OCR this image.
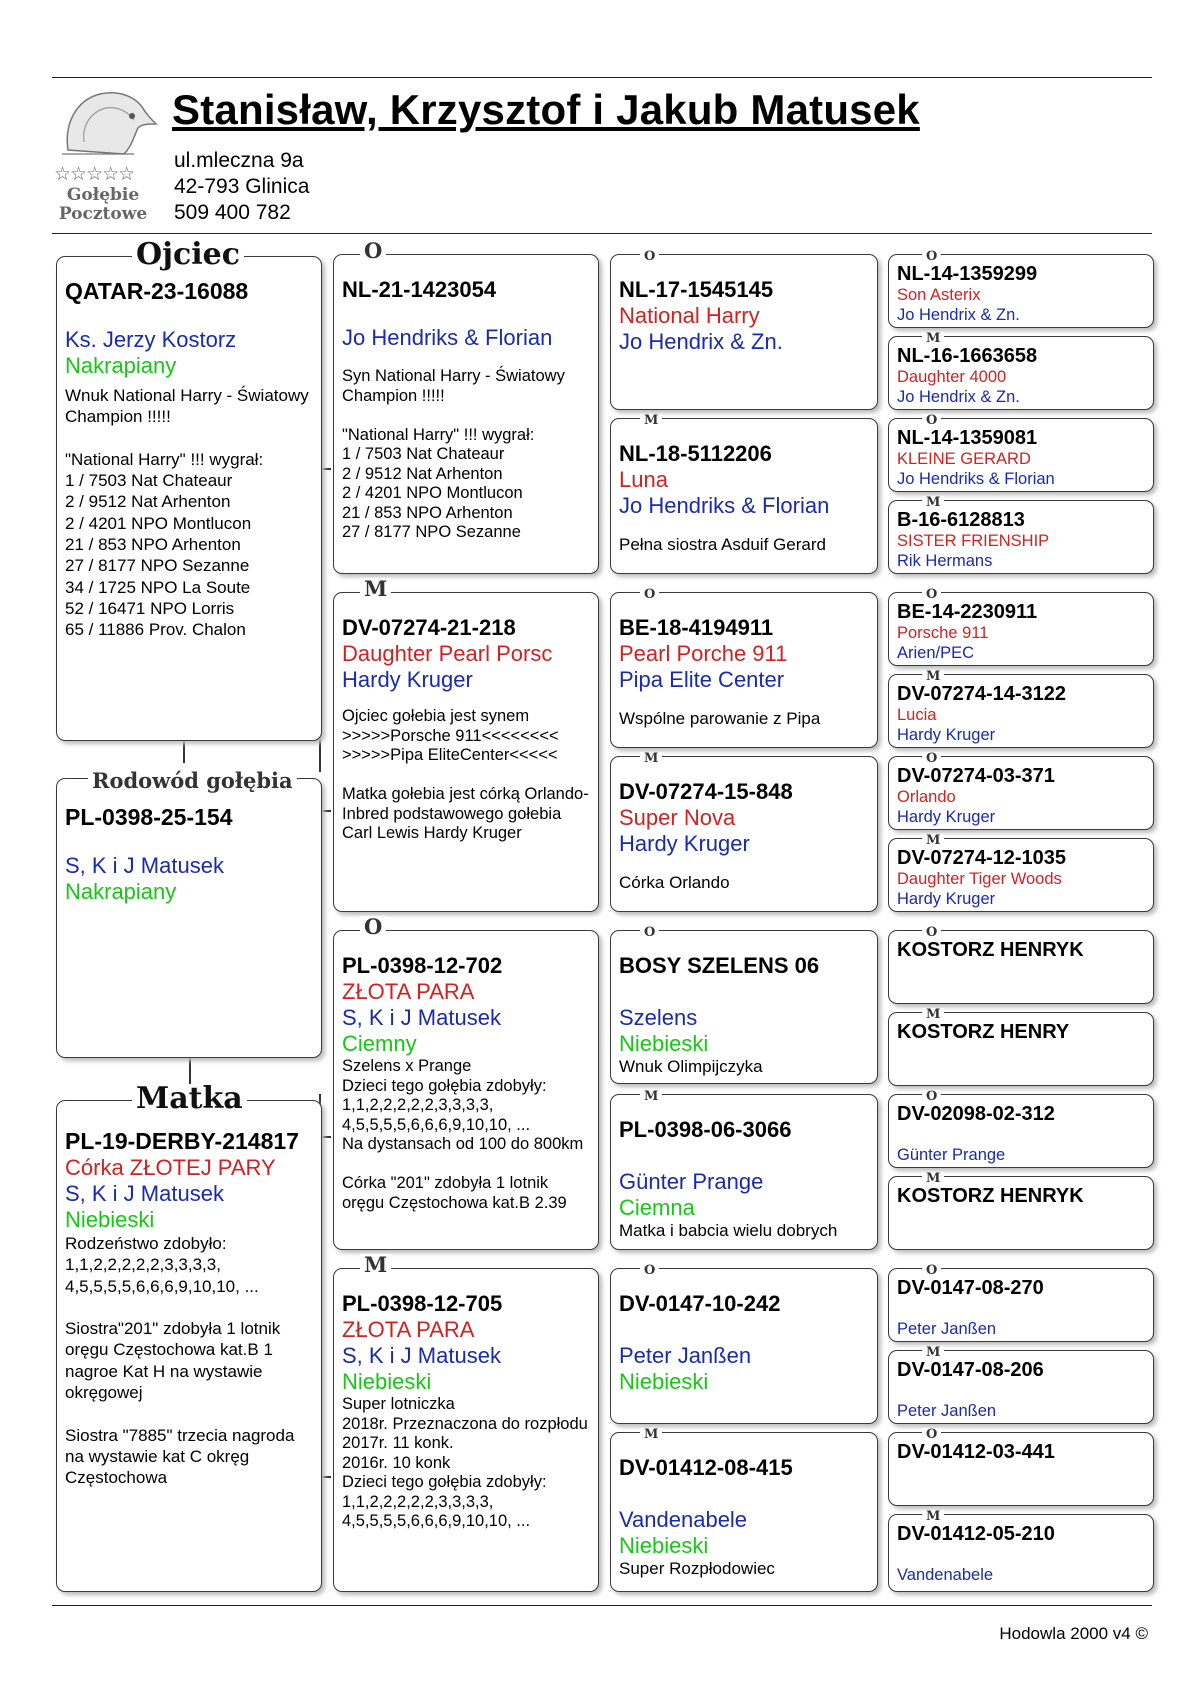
☆☆☆☆☆
Gołębie
Pocztowe
Stanisław, Krzysztof i Jakub Matusek
ul.mleczna 9a
42-793 Glinica
509 400 782
QATAR-23-16088
Ks. Jerzy Kostorz
Nakrapiany
Wnuk National Harry - Światowy Champion !!!!!

"National Harry" !!! wygrał:
1 / 7503 Nat Chateaur
2 / 9512 Nat Arhenton
2 / 4201 NPO Montlucon
21 / 853 NPO Arhenton
27 / 8177 NPO Sezanne
34 / 1725 NPO La Soute
52 / 16471 NPO Lorris
65 / 11886 Prov. Chalon
Ojciec
PL-0398-25-154
S, K i J Matusek
Nakrapiany
Rodowód gołębia
PL-19-DERBY-214817
Córka ZŁOTEJ PARY
S, K i J Matusek
Niebieski
Rodzeństwo zdobyło:
1,1,2,2,2,2,2,3,3,3,3,
4,5,5,5,5,6,6,6,9,10,10, ...

Siostra"201" zdobyła 1 lotnik oręgu Częstochowa kat.B 1 nagroe Kat H na wystawie okręgowej

Siostra "7885" trzecia nagroda na wystawie kat C okręg Częstochowa
Matka
NL-21-1423054
Jo Hendriks & Florian
Syn National Harry - Światowy Champion !!!!!

"National Harry" !!! wygrał:
1 / 7503 Nat Chateaur
2 / 9512 Nat Arhenton
2 / 4201 NPO Montlucon
21 / 853 NPO Arhenton
27 / 8177 NPO Sezanne
O
DV-07274-21-218
Daughter Pearl Porsc
Hardy Kruger
Ojciec gołebia jest synem
>>>>>Porsche 911<<<<<<<<
>>>>>Pipa EliteCenter<<<<<

Matka gołebia jest córką Orlando-Inbred podstawowego gołebia Carl Lewis Hardy Kruger
M
PL-0398-12-702
ZŁOTA PARA
S, K i J Matusek
Ciemny
Szelens x Prange
Dzieci tego gołębia zdobyły:
1,1,2,2,2,2,2,3,3,3,3,
4,5,5,5,5,6,6,6,9,10,10, ...
Na dystansach od 100 do 800km

Córka "201" zdobyła 1 lotnik oręgu Częstochowa kat.B 2.39
O
PL-0398-12-705
ZŁOTA PARA
S, K i J Matusek
Niebieski
Super lotniczka
2018r. Przeznaczona do rozpłodu
2017r. 11 konk.
2016r. 10 konk
Dzieci tego gołębia zdobyły:
1,1,2,2,2,2,2,3,3,3,3,
4,5,5,5,5,6,6,6,9,10,10, ...
M
NL-17-1545145
National Harry
Jo Hendrix & Zn.
O
NL-18-5112206
Luna
Jo Hendriks & Florian
Pełna siostra Asduif Gerard
M
BE-18-4194911
Pearl Porche 911
Pipa Elite Center
Wspólne parowanie z Pipa
O
DV-07274-15-848
Super Nova
Hardy Kruger
Córka Orlando
M
BOSY SZELENS 06
Szelens
Niebieski
Wnuk Olimpijczyka
O
PL-0398-06-3066
Günter Prange
Ciemna
Matka i babcia wielu dobrych
M
DV-0147-10-242
Peter Janßen
Niebieski
O
DV-01412-08-415
Vandenabele
Niebieski
Super Rozpłodowiec
M
NL-14-1359299
Son Asterix
Jo Hendrix & Zn.
O
NL-16-1663658
Daughter 4000
Jo Hendrix & Zn.
M
NL-14-1359081
KLEINE GERARD
Jo Hendriks & Florian
O
B-16-6128813
SISTER FRIENSHIP
Rik Hermans
M
BE-14-2230911
Porsche 911
Arien/PEC
O
DV-07274-14-3122
Lucia
Hardy Kruger
M
DV-07274-03-371
Orlando
Hardy Kruger
O
DV-07274-12-1035
Daughter Tiger Woods
Hardy Kruger
M
KOSTORZ HENRYK
O
KOSTORZ HENRY
M
DV-02098-02-312
Günter Prange
O
KOSTORZ HENRYK
M
DV-0147-08-270
Peter Janßen
O
DV-0147-08-206
Peter Janßen
M
DV-01412-03-441
O
DV-01412-05-210
Vandenabele
M
Hodowla 2000 v4 ©
